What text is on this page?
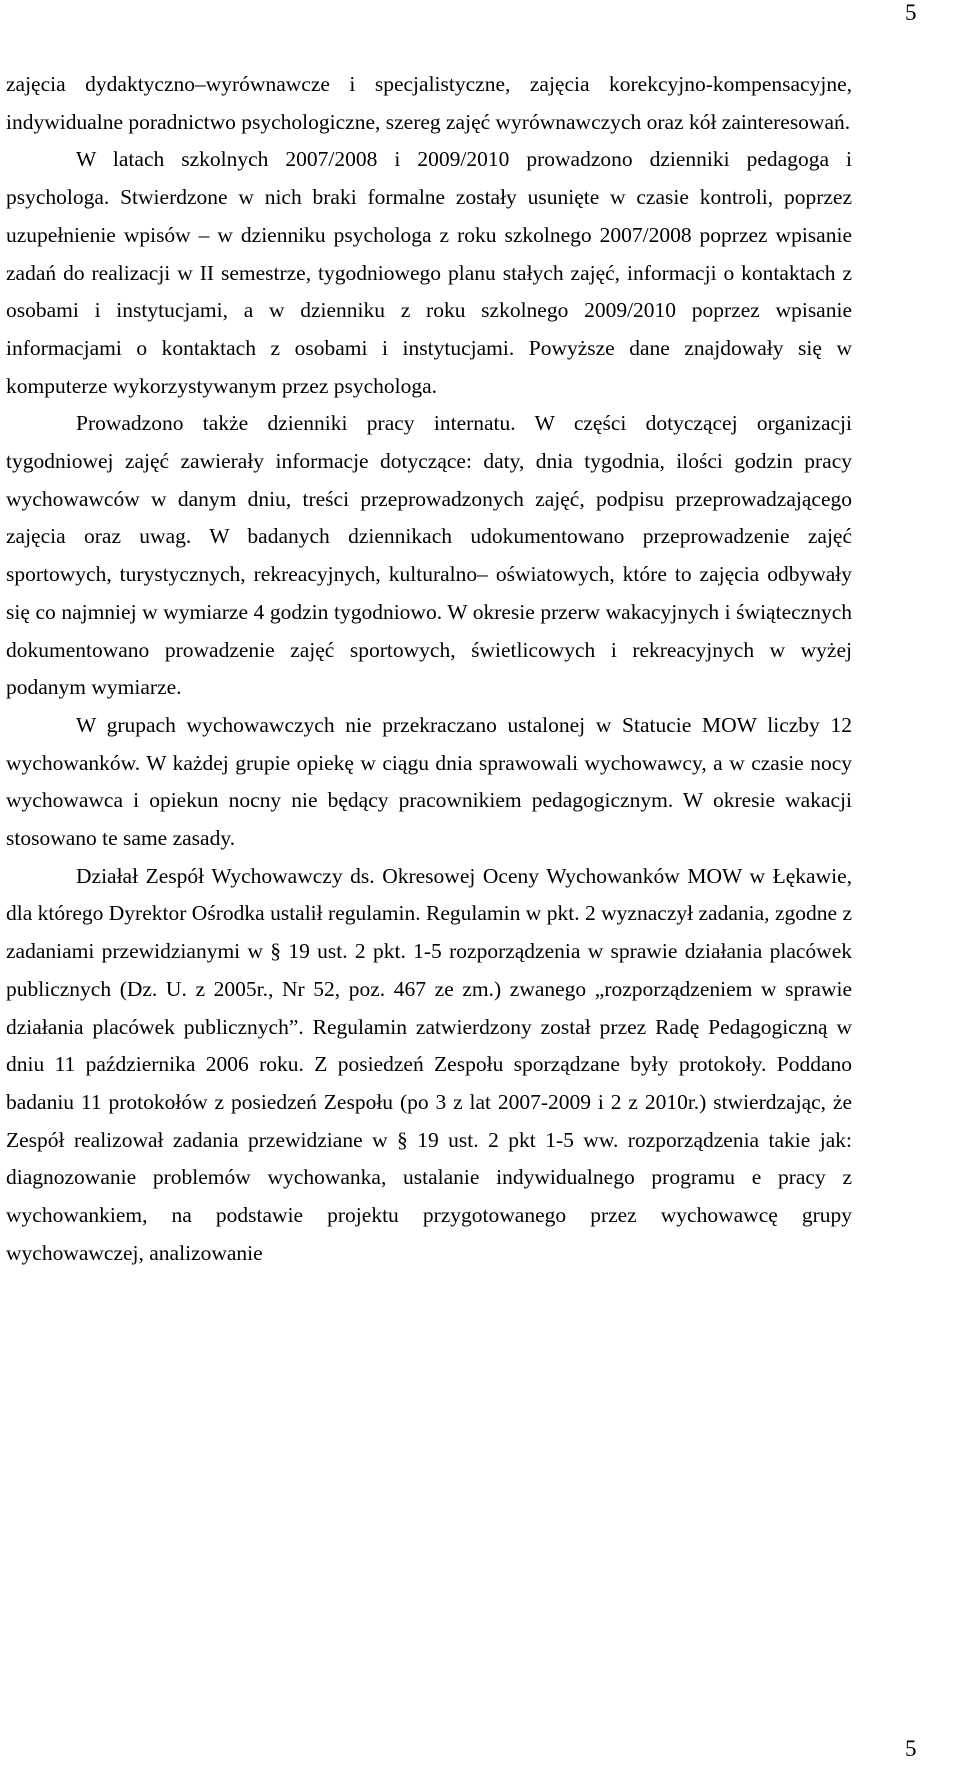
5

zajęcia dydaktyczno–wyrównawcze i specjalistyczne, zajęcia korekcyjno-kompensacyjne, indywidualne poradnictwo psychologiczne, szereg zajęć wyrównawczych oraz kół zainteresowań.

W latach szkolnych 2007/2008 i 2009/2010 prowadzono dzienniki pedagoga i psychologa. Stwierdzone w nich braki formalne zostały usunięte w czasie kontroli, poprzez uzupełnienie wpisów – w dzienniku psychologa z roku szkolnego 2007/2008 poprzez wpisanie zadań do realizacji w II semestrze, tygodniowego planu stałych zajęć, informacji o kontaktach z osobami i instytucjami, a w dzienniku z roku szkolnego 2009/2010 poprzez wpisanie informacjami o kontaktach z osobami i instytucjami. Powyższe dane znajdowały się w komputerze wykorzystywanym przez psychologa.

Prowadzono także dzienniki pracy internatu. W części dotyczącej organizacji tygodniowej zajęć zawierały informacje dotyczące: daty, dnia tygodnia, ilości godzin pracy wychowawców w danym dniu, treści przeprowadzonych zajęć, podpisu przeprowadzającego zajęcia oraz uwag. W badanych dziennikach udokumentowano przeprowadzenie zajęć sportowych, turystycznych, rekreacyjnych, kulturalno– oświatowych, które to zajęcia odbywały się co najmniej w wymiarze 4 godzin tygodniowo. W okresie przerw wakacyjnych i świątecznych dokumentowano prowadzenie zajęć sportowych, świetlicowych i rekreacyjnych w wyżej podanym wymiarze.

W grupach wychowawczych nie przekraczano ustalonej w Statucie MOW liczby 12 wychowanków. W każdej grupie opiekę w ciągu dnia sprawowali wychowawcy, a w czasie nocy wychowawca i opiekun nocny nie będący pracownikiem pedagogicznym. W okresie wakacji stosowano te same zasady.

Działał Zespół Wychowawczy ds. Okresowej Oceny Wychowanków MOW w Łękawie, dla którego Dyrektor Ośrodka ustalił regulamin. Regulamin w pkt. 2 wyznaczył zadania, zgodne z zadaniami przewidzianymi w § 19 ust. 2 pkt. 1-5 rozporządzenia w sprawie działania placówek publicznych (Dz. U. z 2005r., Nr 52, poz. 467 ze zm.) zwanego „rozporządzeniem w sprawie działania placówek publicznych”. Regulamin zatwierdzony został przez Radę Pedagogiczną w dniu 11 października 2006 roku. Z posiedzeń Zespołu sporządzane były protokoły. Poddano badaniu 11 protokołów z posiedzeń Zespołu (po 3 z lat 2007-2009 i 2 z 2010r.) stwierdzając, że Zespół realizował zadania przewidziane w § 19 ust. 2 pkt 1-5 ww. rozporządzenia takie jak: diagnozowanie problemów wychowanka, ustalanie indywidualnego programu e pracy z wychowankiem, na podstawie projektu przygotowanego przez wychowawcę grupy wychowawczej, analizowanie

5
